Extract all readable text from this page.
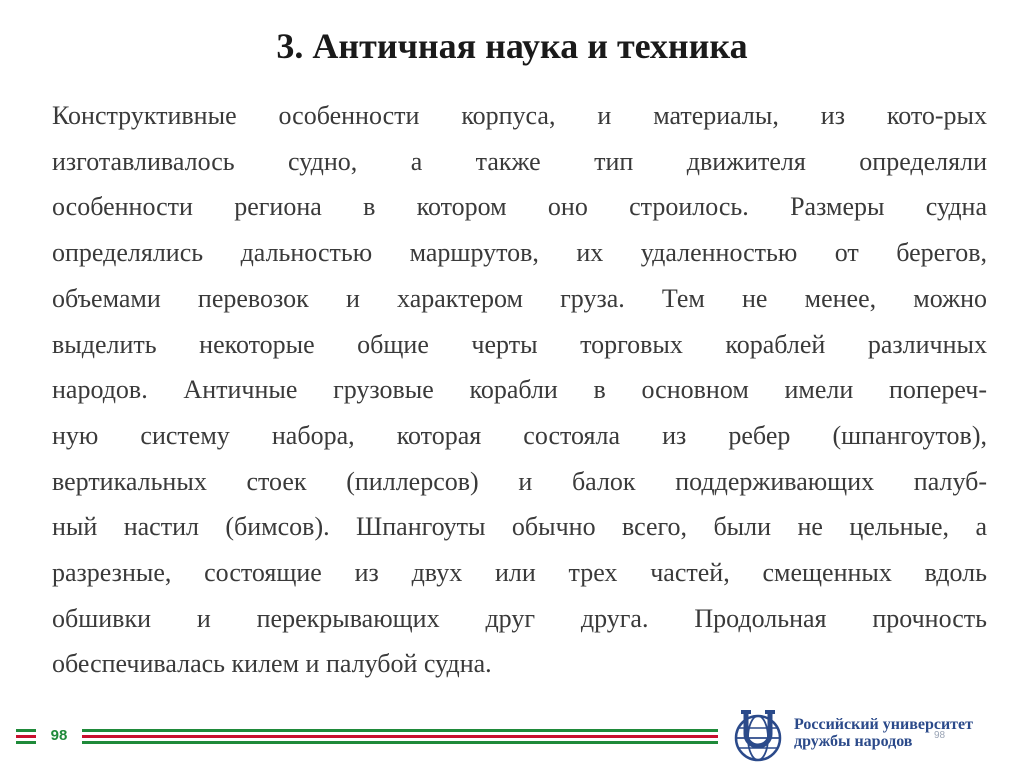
3. Античная наука и техника
Конструктивные особенности корпуса, и материалы, из кото-рых
изготавливалось судно, а также тип движителя определяли
особенности региона в котором оно строилось. Размеры судна
определялись дальностью маршрутов, их удаленностью от берегов,
объемами перевозок и характером груза. Тем не менее, можно
выделить некоторые общие черты торговых кораблей различных
народов. Античные грузовые корабли в основном имели попереч-
ную систему набора, которая состояла из ребер (шпангоутов),
вертикальных стоек (пиллерсов) и балок поддерживающих палуб-
ный настил (бимсов). Шпангоуты обычно всего, были не цельные, а
разрезные, состоящие из двух или трех частей, смещенных вдоль
обшивки и перекрывающих друг друга. Продольная прочность
обеспечивалась килем и палубой судна.
98
Российский университет
дружбы народов	98
